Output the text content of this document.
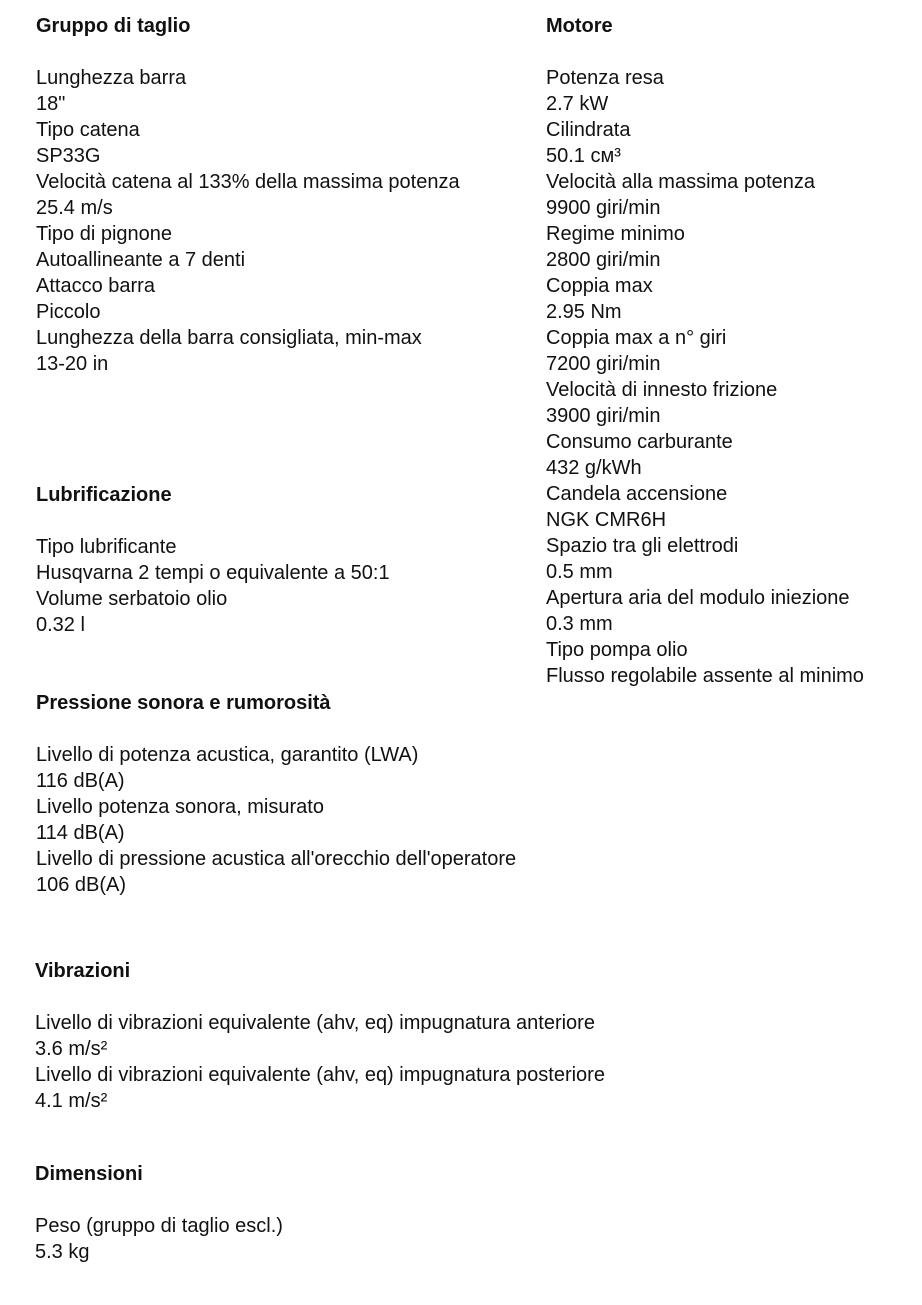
Gruppo di taglio
Lunghezza barra
18"
Tipo catena
SP33G
Velocità catena al 133% della massima potenza
25.4 m/s
Tipo di pignone
Autoallineante a 7 denti
Attacco barra
Piccolo
Lunghezza della barra consigliata, min-max
13-20 in
Motore
Potenza resa
2.7 kW
Cilindrata
50.1 см³
Velocità alla massima potenza
9900 giri/min
Regime minimo
2800 giri/min
Coppia max
2.95 Nm
Coppia max a n° giri
7200 giri/min
Velocità di innesto frizione
3900 giri/min
Consumo carburante
432 g/kWh
Candela accensione
NGK CMR6H
Spazio tra gli elettrodi
0.5 mm
Apertura aria del modulo iniezione
0.3 mm
Tipo pompa olio
Flusso regolabile assente al minimo
Lubrificazione
Tipo lubrificante
Husqvarna 2 tempi o equivalente a 50:1
Volume serbatoio olio
0.32 l
Pressione sonora e rumorosità
Livello di potenza acustica, garantito (LWA)
116 dB(A)
Livello potenza sonora, misurato
114 dB(A)
Livello di pressione acustica all'orecchio dell'operatore
106 dB(A)
Vibrazioni
Livello di vibrazioni equivalente (ahv, eq) impugnatura anteriore
3.6 m/s²
Livello di vibrazioni equivalente (ahv, eq) impugnatura posteriore
4.1 m/s²
Dimensioni
Peso (gruppo di taglio escl.)
5.3 kg
